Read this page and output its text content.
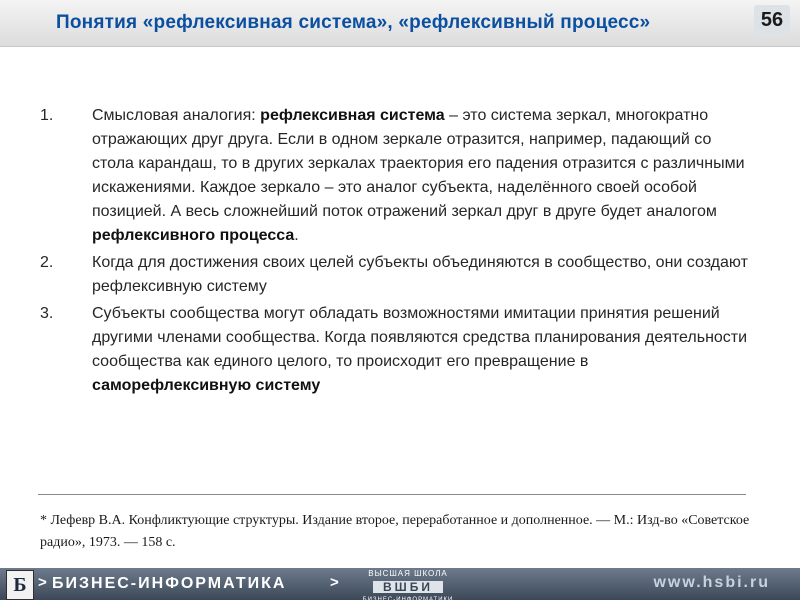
Понятия «рефлексивная система», «рефлексивный процесс»	56
1.	Смысловая аналогия: рефлексивная система – это система зеркал, многократно отражающих друг друга. Если в одном зеркале отразится, например, падающий со стола карандаш, то в других зеркалах траектория его падения отразится с различными искажениями. Каждое зеркало – это аналог субъекта, наделённого своей особой позицией. А весь сложнейший поток отражений зеркал друг в друге будет аналогом рефлексивного процесса.
2.	Когда для достижения своих целей субъекты объединяются в сообщество, они создают рефлексивную систему
3.	Субъекты сообщества могут обладать возможностями имитации принятия решений другими членами сообщества. Когда появляются средства планирования деятельности сообщества как единого целого, то происходит его превращение в саморефлексивную систему
* Лефевр В.А. Конфликтующие структуры. Издание второе, переработанное и дополненное. — М.: Изд-во «Советское радио», 1973. — 158 с.
Б > БИЗНЕС-ИНФОРМАТИКА	>
ВЫСШАЯ ШКОЛА
ВШБИ
БИЗНЕС-ИНФОРМАТИКИ
www.hsbi.ru
